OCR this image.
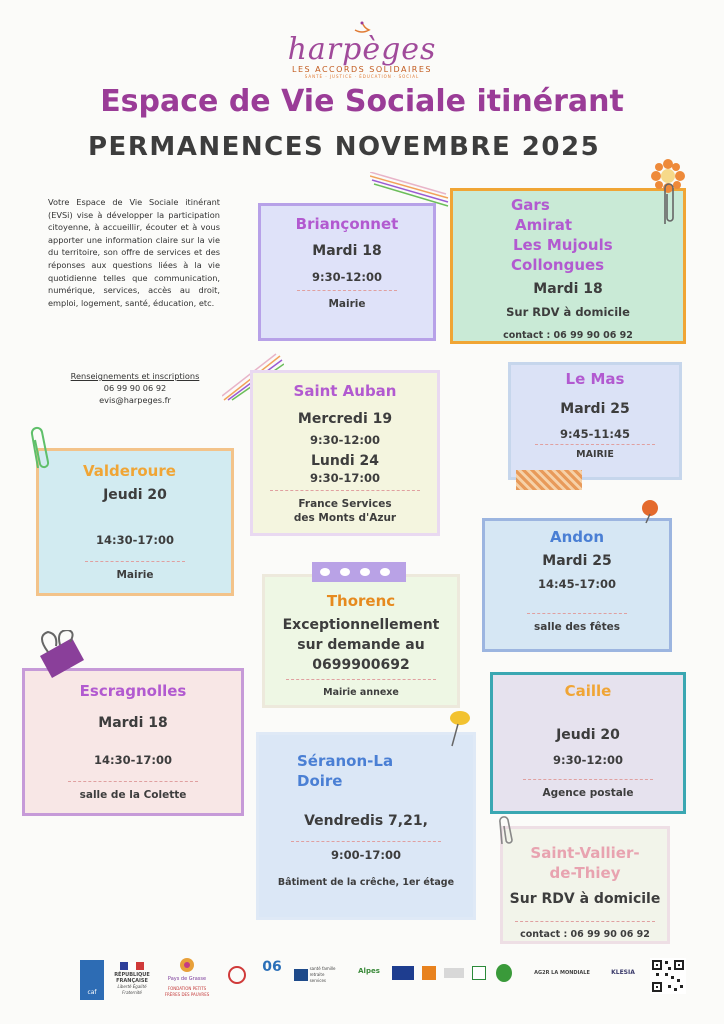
harpèges
LES ACCORDS SOLIDAIRES
SANTÉ · JUSTICE · ÉDUCATION · SOCIAL
Espace de Vie Sociale itinérant
PERMANENCES NOVEMBRE 2025
Votre Espace de Vie Sociale itinérant (EVSi) vise à développer la participation citoyenne, à accueillir, écouter et à vous apporter une information claire sur la vie du territoire, son offre de services et des réponses aux questions liées à la vie quotidienne telles que communication, numérique, services, accès au droit, emploi, logement, santé, éducation, etc.
Renseignements et inscriptions
06 99 90 06 92
evis@harpeges.fr
Briançonnet
Mardi 18
9:30-12:00
Mairie
Gars
Amirat
Les Mujouls
Collongues
Mardi 18
Sur RDV à domicile
contact : 06 99 90 06 92
Saint Auban
Mercredi 19
9:30-12:00
Lundi 24
9:30-17:00
France Services
des Monts d'Azur
Le Mas
Mardi 25
9:45-11:45
MAIRIE
Valderoure
Jeudi 20
14:30-17:00
Mairie
Andon
Mardi 25
14:45-17:00
salle des fêtes
Thorenc
Exceptionnellement
sur demande au
0699900692
Mairie annexe
Escragnolles
Mardi 18
14:30-17:00
salle de la Colette
Caille
Jeudi 20
9:30-12:00
Agence postale
Séranon-La
Doire
Vendredis 7,21,
9:00-17:00
Bâtiment de la crêche, 1er étage
Saint-Vallier-
de-Thiey
Sur RDV à domicile
contact : 06 99 90 06 92
caf
RÉPUBLIQUE FRANÇAISE
Liberté Égalité Fraternité
Pays de Grasse
FONDATION PETITS FRÈRES DES PAUVRES
06	santé famille retraite services
Alpes	AG2R LA MONDIALE	KLESIA
